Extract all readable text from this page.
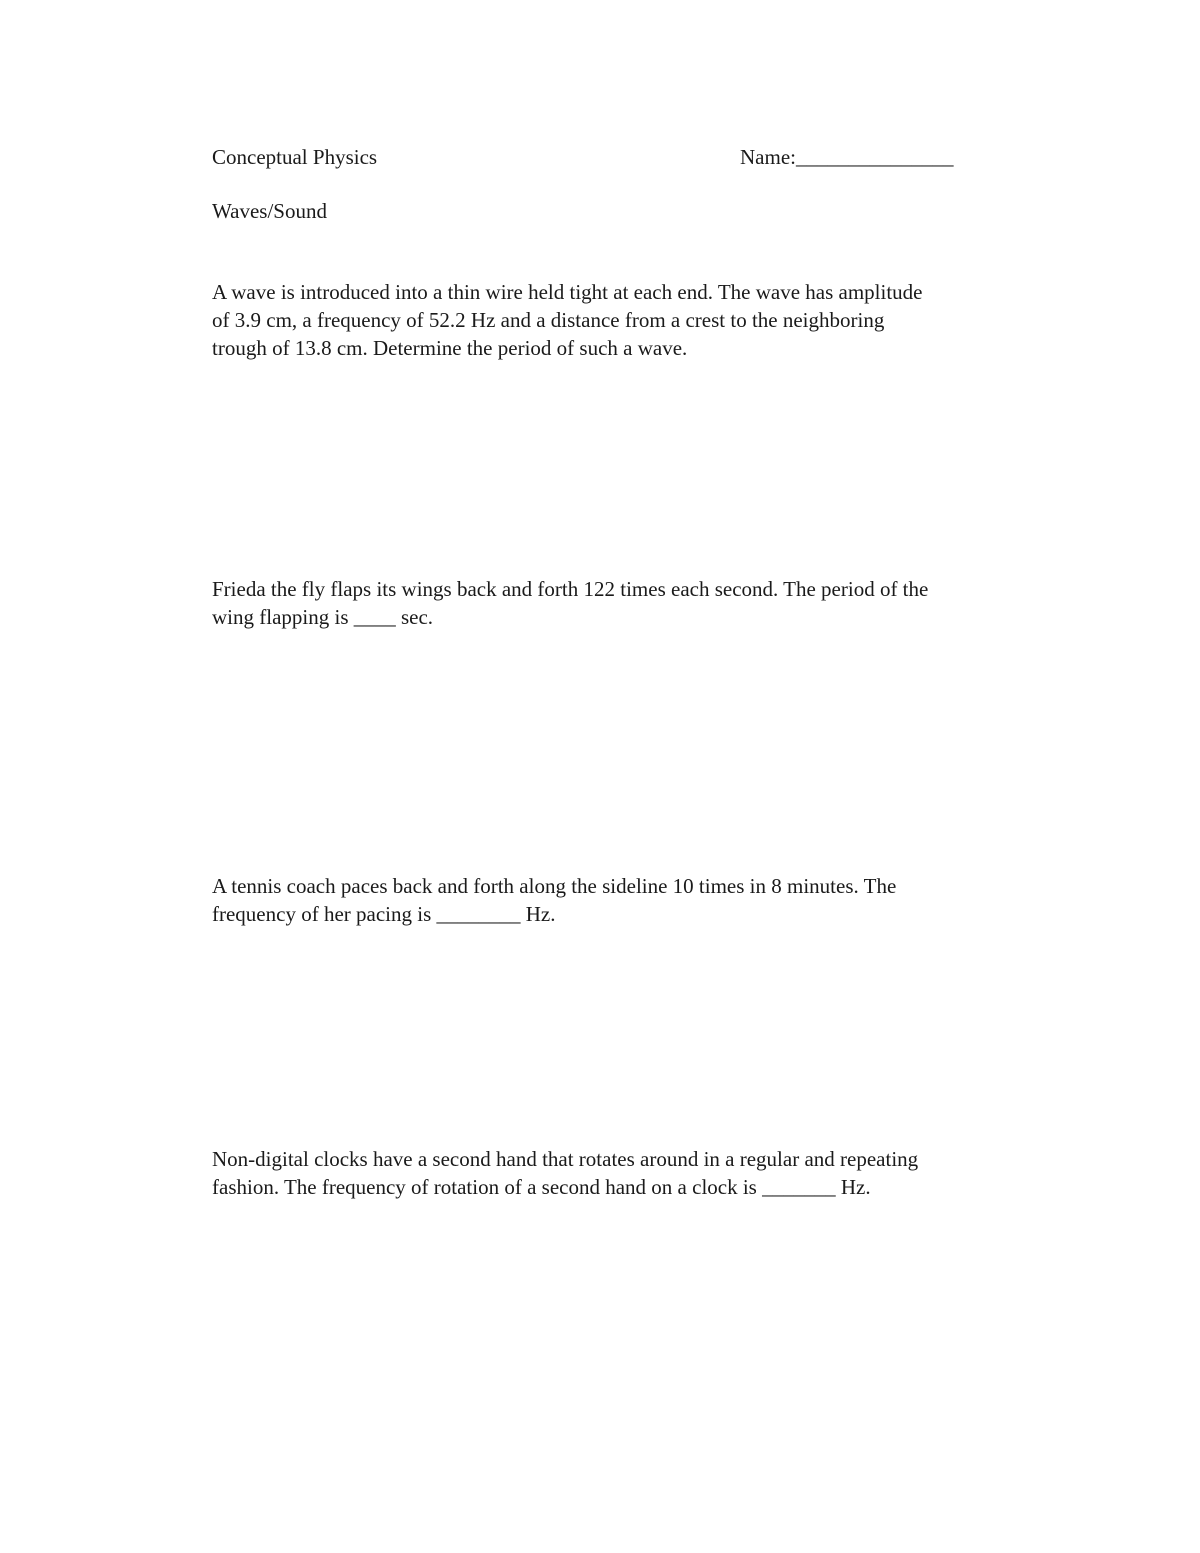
Conceptual Physics	Name:_______________
Waves/Sound

A wave is introduced into a thin wire held tight at each end. The wave has amplitude

of 3.9 cm, a frequency of 52.2 Hz and a distance from a crest to the neighboring

trough of 13.8 cm. Determine the period of such a wave.

Frieda the fly flaps its wings back and forth 122 times each second. The period of the

wing flapping is ____ sec.

A tennis coach paces back and forth along the sideline 10 times in 8 minutes. The

frequency of her pacing is ________ Hz.

Non-digital clocks have a second hand that rotates around in a regular and repeating

fashion. The frequency of rotation of a second hand on a clock is _______ Hz.
